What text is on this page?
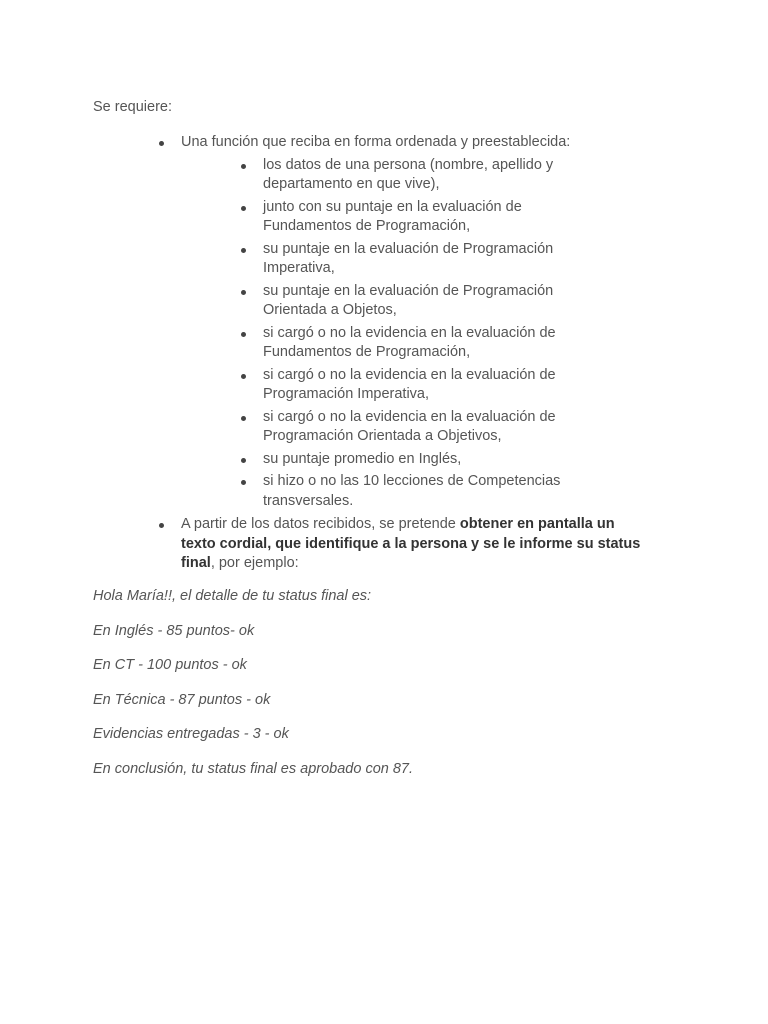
Se requiere:

Una función que reciba en forma ordenada y preestablecida:
los datos de una persona (nombre, apellido y departamento en que vive),
junto con su puntaje en la evaluación de Fundamentos de Programación,
su puntaje en la evaluación de Programación Imperativa,
su puntaje en la evaluación de Programación Orientada a Objetos,
si cargó o no la evidencia en la evaluación de Fundamentos de Programación,
si cargó o no la evidencia en la evaluación de Programación Imperativa,
si cargó o no la evidencia en la evaluación de Programación Orientada a Objetivos,
su puntaje promedio en Inglés,
si hizo o no las 10 lecciones de Competencias transversales.
A partir de los datos recibidos, se pretende obtener en pantalla un texto cordial, que identifique a la persona y se le informe su status final, por ejemplo:

Hola María!!, el detalle de tu status final es:

En Inglés - 85 puntos- ok

En CT - 100 puntos - ok

En Técnica - 87 puntos - ok

Evidencias entregadas - 3 - ok

En conclusión, tu status final es aprobado con 87.
